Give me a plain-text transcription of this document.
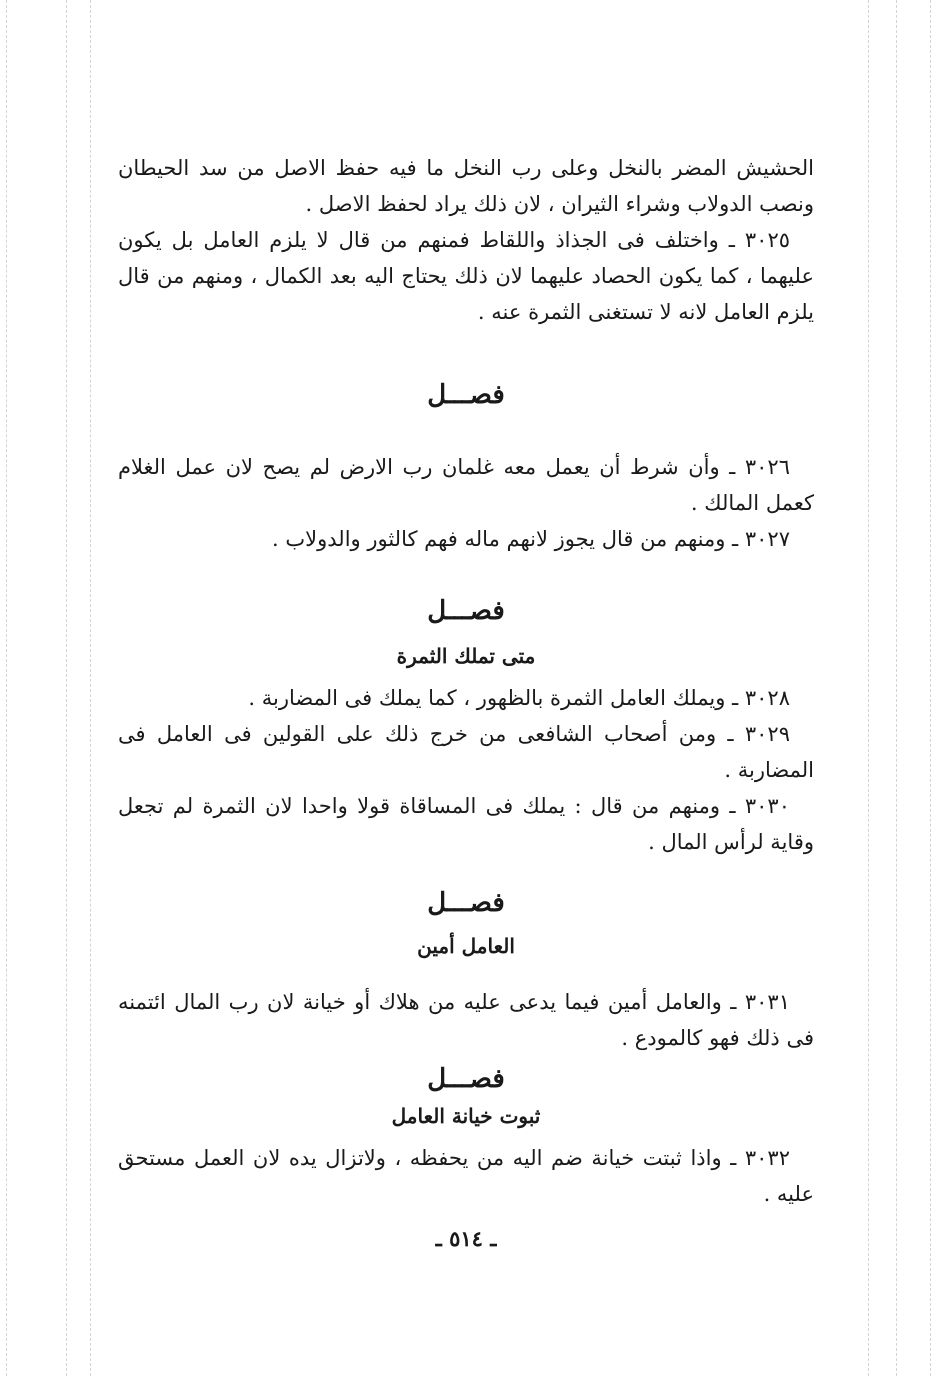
الحشيش المضر بالنخل وعلى رب النخل ما فيه حفظ الاصل من سد الحيطان ونصب الدولاب وشراء الثيران ، لان ذلك يراد لحفظ الاصل .

٣٠٢٥ ـ واختلف فى الجذاذ واللقاط فمنهم من قال لا يلزم العامل بل يكون عليهما ، كما يكون الحصاد عليهما لان ذلك يحتاج اليه بعد الكمال ، ومنهم من قال يلزم العامل لانه لا تستغنى الثمرة عنه .

فصـــل

٣٠٢٦ ـ وأن شرط أن يعمل معه غلمان رب الارض لم يصح لان عمل الغلام كعمل المالك .

٣٠٢٧ ـ ومنهم من قال يجوز لانهم ماله فهم كالثور والدولاب .

فصـــل
متى تملك الثمرة

٣٠٢٨ ـ ويملك العامل الثمرة بالظهور ، كما يملك فى المضاربة .

٣٠٢٩ ـ ومن أصحاب الشافعى من خرج ذلك على القولين فى العامل فى المضاربة .

٣٠٣٠ ـ ومنهم من قال : يملك فى المساقاة قولا واحدا لان الثمرة لم تجعل وقاية لرأس المال .

فصـــل
العامل أمين

٣٠٣١ ـ والعامل أمين فيما يدعى عليه من هلاك أو خيانة لان رب المال ائتمنه فى ذلك فهو كالمودع .

فصـــل
ثبوت خيانة العامل

٣٠٣٢ ـ واذا ثبتت خيانة ضم اليه من يحفظه ، ولاتزال يده لان العمل مستحق عليه .

ـ ٥١٤ ـ
